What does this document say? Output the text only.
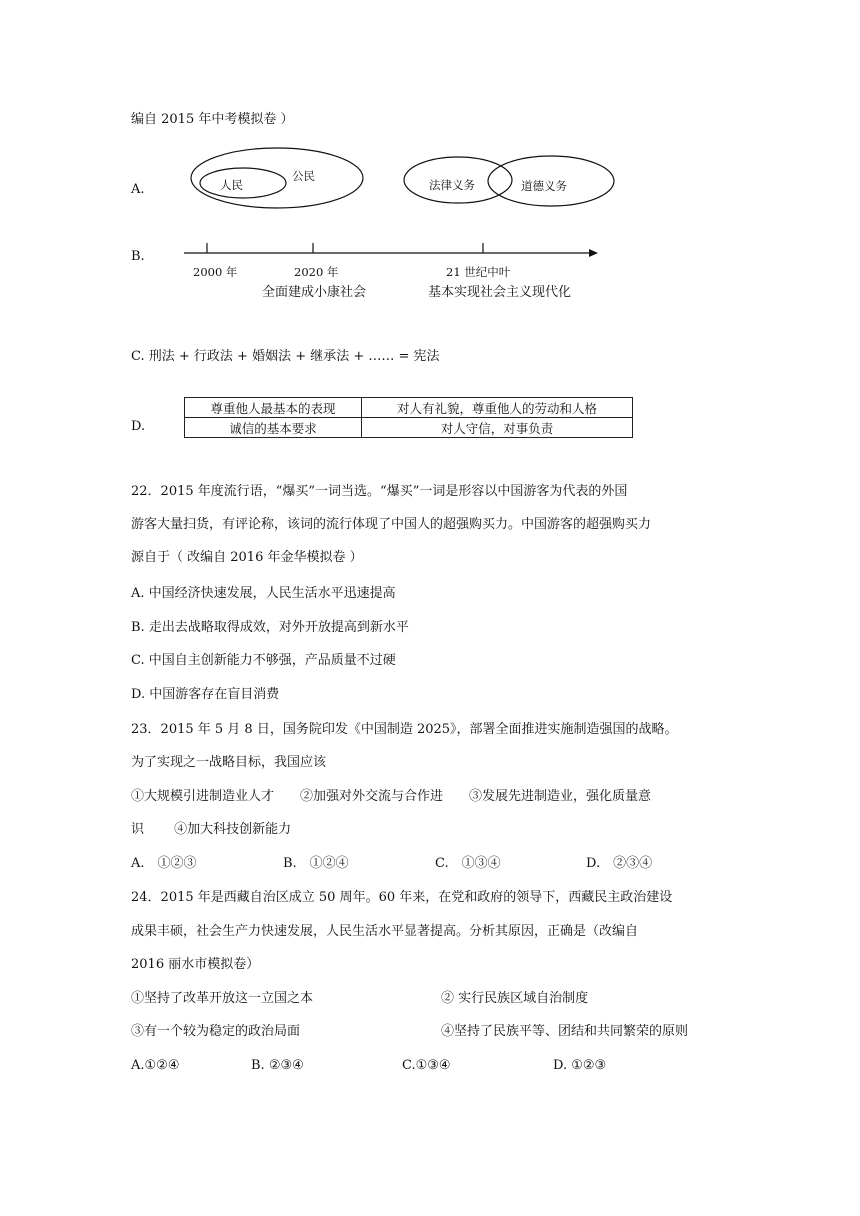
编自 2015 年中考模拟卷 ）
A.
公民
人民	法律义务	道德义务
B.
2000 年	2020 年	21 世纪中叶
全面建成小康社会	基本实现社会主义现代化
C. 刑法 + 行政法 + 婚姻法 + 继承法 + …… = 宪法
D.
尊重他人最基本的表现	对人有礼貌，尊重他人的劳动和人格
诚信的基本要求	对人守信，对事负责
22．2015 年度流行语，“爆买”一词当选。“爆买”一词是形容以中国游客为代表的外国
游客大量扫货，有评论称，该词的流行体现了中国人的超强购买力。中国游客的超强购买力
源自于（ 改编自 2016 年金华模拟卷 ）
A. 中国经济快速发展，人民生活水平迅速提高
B. 走出去战略取得成效，对外开放提高到新水平
C. 中国自主创新能力不够强，产品质量不过硬
D. 中国游客存在盲目消费
23．2015 年 5 月 8 日，国务院印发《中国制造 2025》，部署全面推进实施制造强国的战略。
为了实现之一战略目标，我国应该
①大规模引进制造业人才　　②加强对外交流与合作进　　③发展先进制造业，强化质量意
识　　 ④加大科技创新能力
A.　①②③	B.　①②④	C.　①③④	D.　②③④
24．2015 年是西藏自治区成立 50 周年。60 年来，在党和政府的领导下，西藏民主政治建设
成果丰硕，社会生产力快速发展，人民生活水平显著提高。分析其原因，正确是（改编自
2016 丽水市模拟卷）
①坚持了改革开放这一立国之本	② 实行民族区域自治制度
③有一个较为稳定的政治局面	④坚持了民族平等、团结和共同繁荣的原则
A.①②④	B. ②③④	C.①③④	D. ①②③
